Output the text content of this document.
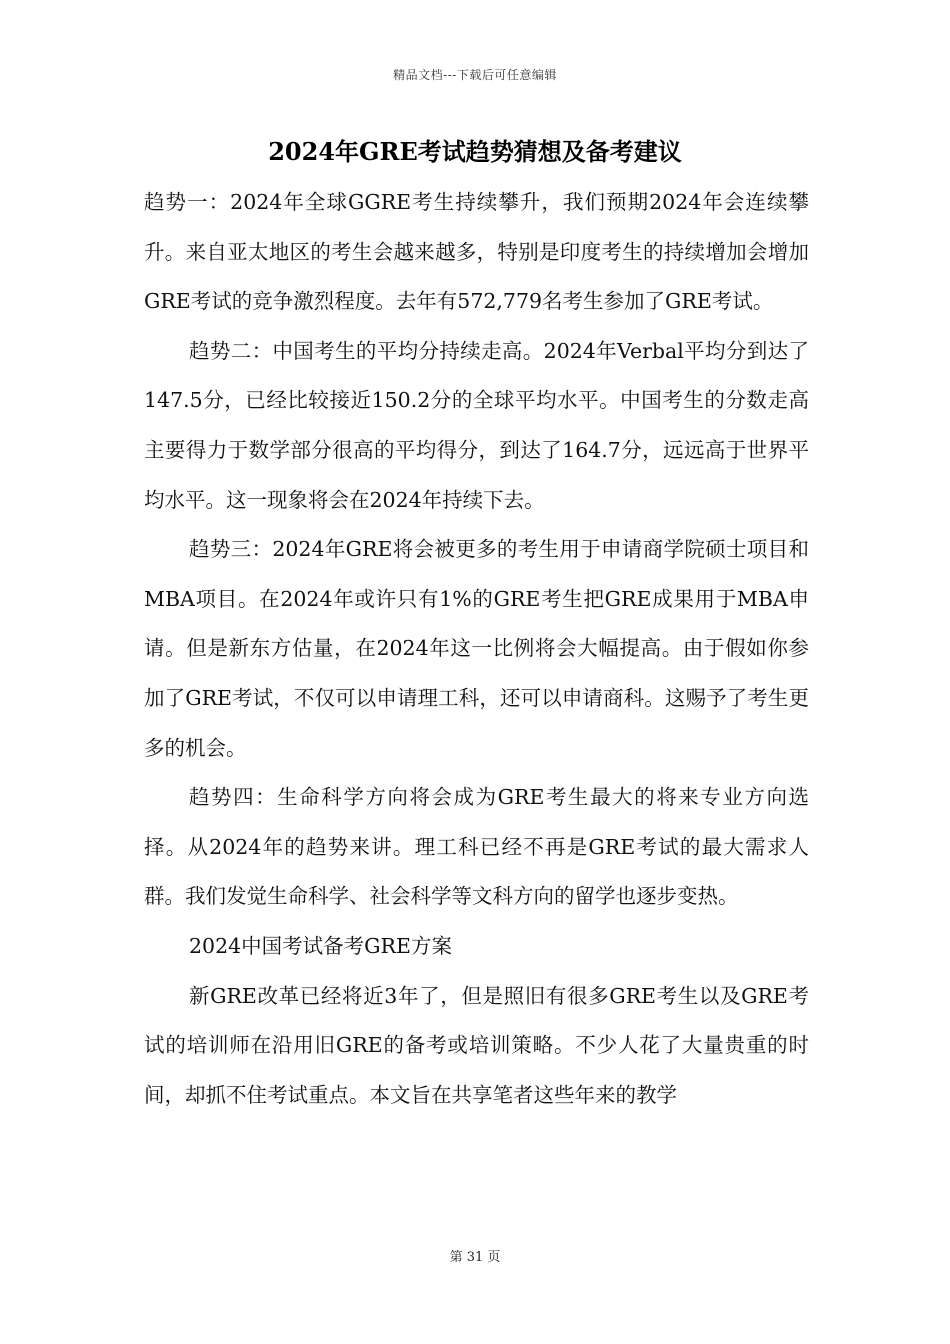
精品文档---下载后可任意编辑
2024年GRE考试趋势猜想及备考建议

趋势一：2024年全球GGRE考生持续攀升，我们预期2024年会连续攀升。来自亚太地区的考生会越来越多，特别是印度考生的持续增加会增加GRE考试的竞争激烈程度。去年有572,779名考生参加了GRE考试。

趋势二：中国考生的平均分持续走高。2024年Verbal平均分到达了147.5分，已经比较接近150.2分的全球平均水平。中国考生的分数走高主要得力于数学部分很高的平均得分，到达了164.7分，远远高于世界平均水平。这一现象将会在2024年持续下去。

趋势三：2024年GRE将会被更多的考生用于申请商学院硕士项目和MBA项目。在2024年或许只有1%的GRE考生把GRE成果用于MBA申请。但是新东方估量，在2024年这一比例将会大幅提高。由于假如你参加了GRE考试，不仅可以申请理工科，还可以申请商科。这赐予了考生更多的机会。

趋势四：生命科学方向将会成为GRE考生最大的将来专业方向选择。从2024年的趋势来讲。理工科已经不再是GRE考试的最大需求人群。我们发觉生命科学、社会科学等文科方向的留学也逐步变热。

2024中国考试备考GRE方案

新GRE改革已经将近3年了，但是照旧有很多GRE考生以及GRE考试的培训师在沿用旧GRE的备考或培训策略。不少人花了大量贵重的时间，却抓不住考试重点。本文旨在共享笔者这些年来的教学

第 31 页
